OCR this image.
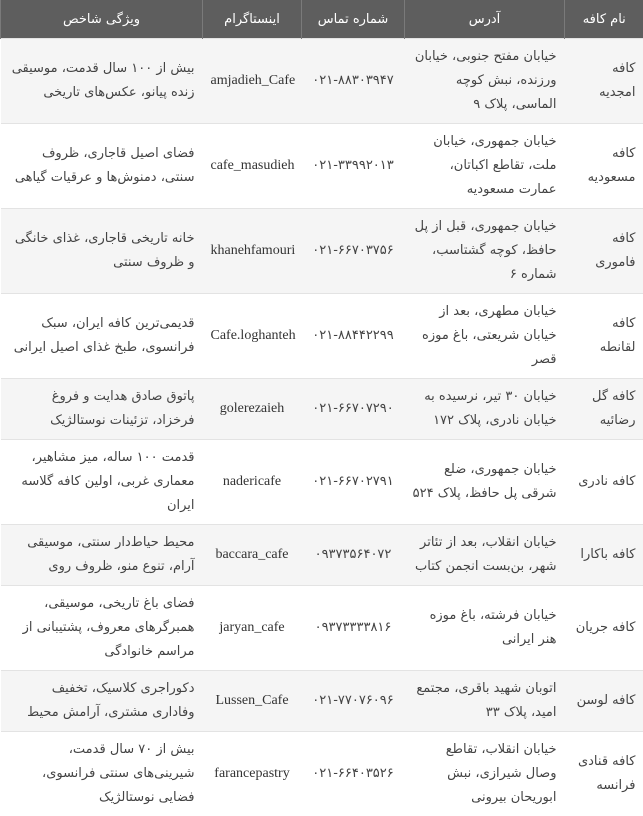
نام کافه	آدرس	شماره تماس	اینستاگرام	ویژگی شاخص
کافه امجدیه	خیابان مفتح جنوبی، خیابان ورزنده، نبش کوچه الماسی، پلاک ۹	۰۲۱-۸۸۳۰۳۹۴۷	amjadieh_Cafe	بیش از ۱۰۰ سال قدمت، موسیقی زنده پیانو، عکس‌های تاریخی
کافه مسعودیه	خیابان جمهوری، خیابان ملت، تقاطع اکباتان، عمارت مسعودیه	۰۲۱-۳۳۹۹۲۰۱۳	cafe_masudieh	فضای اصیل قاجاری، ظروف سنتی، دمنوش‌ها و عرقیات گیاهی
کافه فاموری	خیابان جمهوری، قبل از پل حافظ، کوچه گشتاسب، شماره ۶	۰۲۱-۶۶۷۰۳۷۵۶	khanehfamouri	خانه تاریخی قاجاری، غذای خانگی و ظروف سنتی
کافه لقانطه	خیابان مطهری، بعد از خیابان شریعتی، باغ موزه قصر	۰۲۱-۸۸۴۴۲۲۹۹	Cafe.loghanteh	قدیمی‌ترین کافه ایران، سبک فرانسوی، طبخ غذای اصیل ایرانی
کافه گل رضائیه	خیابان ۳۰ تیر، نرسیده به خیابان نادری، پلاک ۱۷۲	۰۲۱-۶۶۷۰۷۲۹۰	golerezaieh	پاتوق صادق هدایت و فروغ فرخزاد، تزئینات نوستالژیک
کافه نادری	خیابان جمهوری، ضلع شرقی پل حافظ، پلاک ۵۲۴	۰۲۱-۶۶۷۰۲۷۹۱	nadericafe	قدمت ۱۰۰ ساله، میز مشاهیر، معماری غربی، اولین کافه گلاسه ایران
کافه باکارا	خیابان انقلاب، بعد از تئاتر شهر، بن‌بست انجمن کتاب	۰۹۳۷۳۵۶۴۰۷۲	baccara_cafe	محیط حیاط‌دار سنتی، موسیقی آرام، تنوع منو، ظروف روی
کافه جریان	خیابان فرشته، باغ موزه هنر ایرانی	۰۹۳۷۳۳۳۳۸۱۶	jaryan_cafe	فضای باغ تاریخی، موسیقی، همبرگرهای معروف، پشتیبانی از مراسم خانوادگی
کافه لوسن	اتوبان شهید باقری، مجتمع امید، پلاک ۳۳	۰۲۱-۷۷۰۷۶۰۹۶	Lussen_Cafe	دکوراجری کلاسیک، تخفیف وفاداری مشتری، آرامش محیط
کافه قنادی فرانسه	خیابان انقلاب، تقاطع وصال شیرازی، نبش ابوریحان بیرونی	۰۲۱-۶۶۴۰۳۵۲۶	farancepastry	بیش از ۷۰ سال قدمت، شیرینی‌های سنتی فرانسوی، فضایی نوستالژیک
